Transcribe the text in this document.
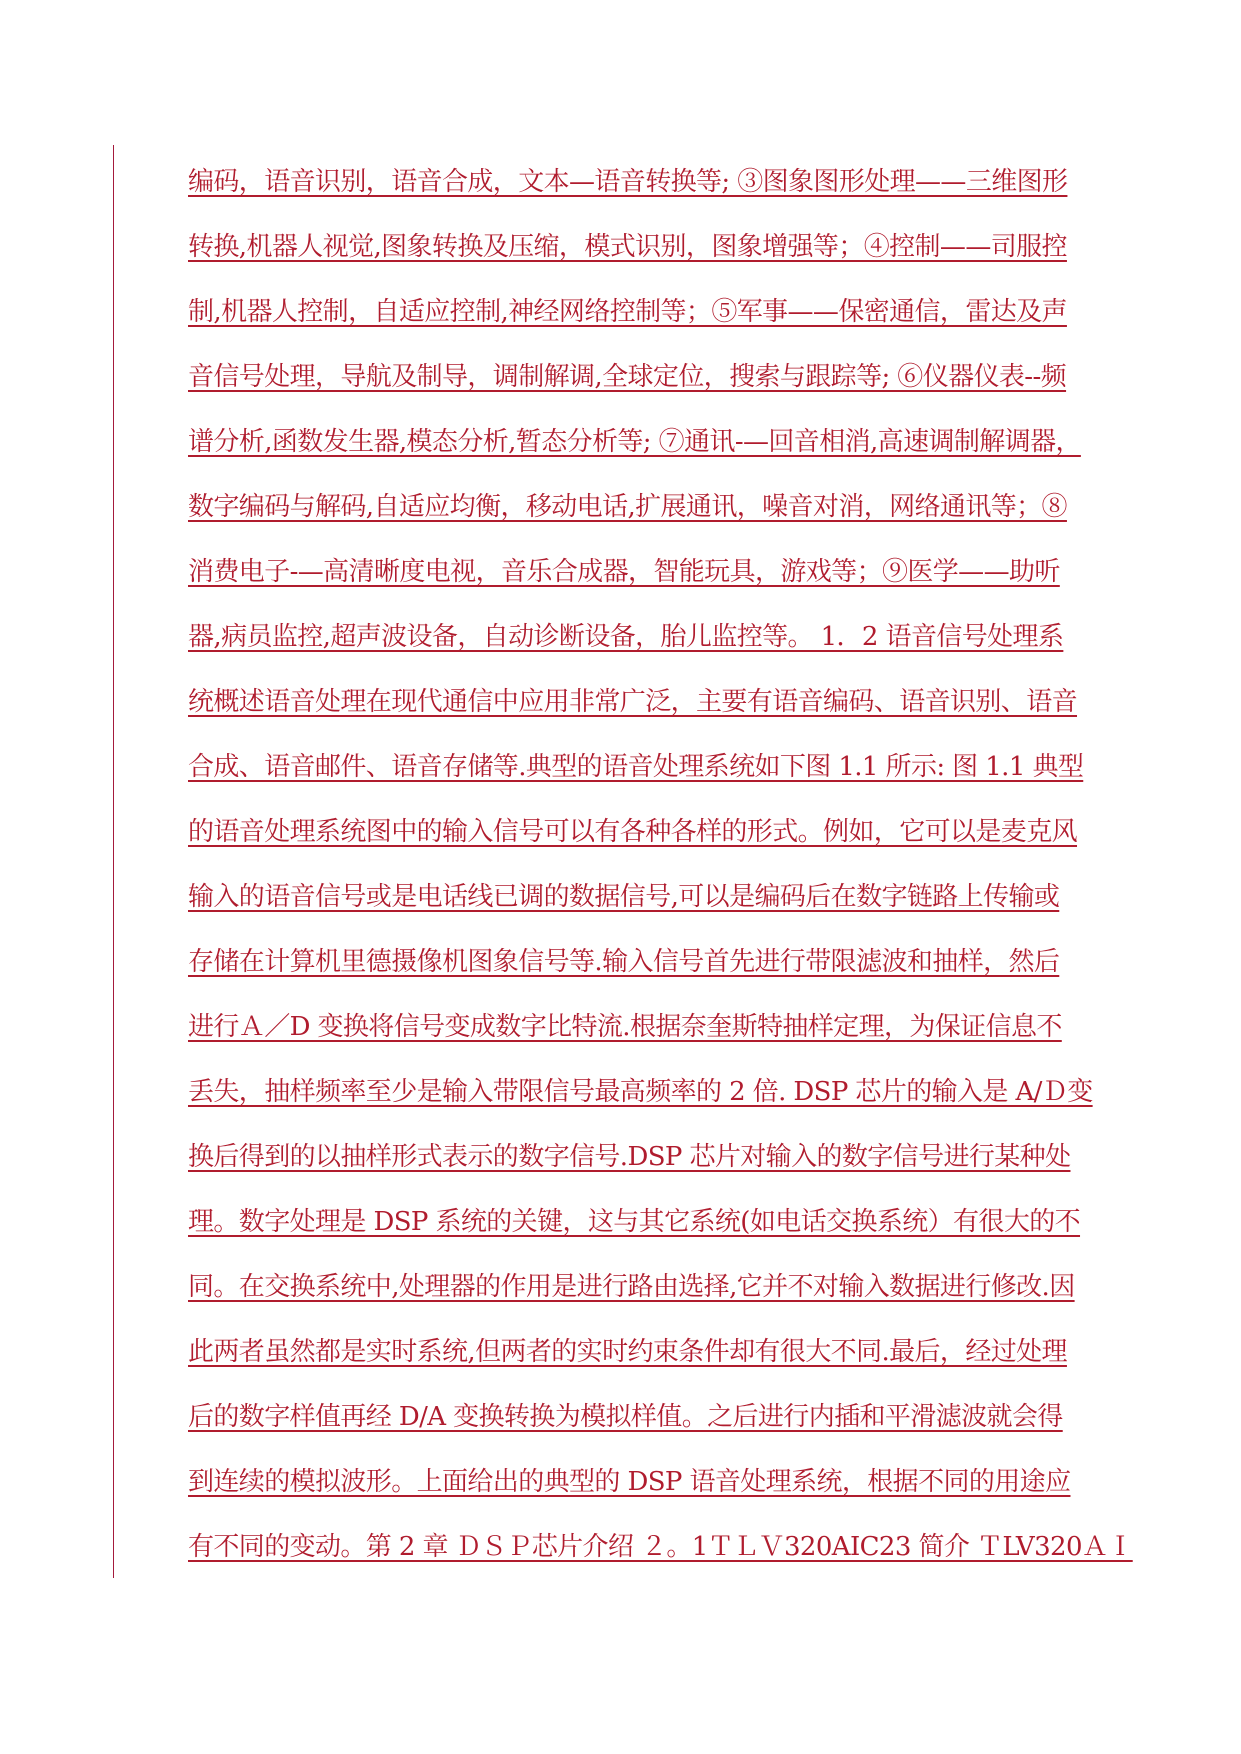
编码，语音识别，语音合成，文本—语音转换等; ③图象图形处理——三维图形

转换,机器人视觉,图象转换及压缩，模式识别，图象增强等；④控制——司服控

制,机器人控制，自适应控制,神经网络控制等；⑤军事——保密通信，雷达及声

音信号处理，导航及制导，调制解调,全球定位，搜索与跟踪等; ⑥仪器仪表--频

谱分析,函数发生器,模态分析,暂态分析等; ⑦通讯-—回音相消,高速调制解调器，

数字编码与解码,自适应均衡，移动电话,扩展通讯，噪音对消，网络通讯等；⑧

消费电子-—高清晰度电视，音乐合成器，智能玩具，游戏等；⑨医学——助听

器,病员监控,超声波设备，自动诊断设备，胎儿监控等。 1．2 语音信号处理系

统概述语音处理在现代通信中应用非常广泛，主要有语音编码、语音识别、语音

合成、语音邮件、语音存储等.典型的语音处理系统如下图 1.1 所示: 图 1.1 典型

的语音处理系统图中的输入信号可以有各种各样的形式。例如，它可以是麦克风

输入的语音信号或是电话线已调的数据信号,可以是编码后在数字链路上传输或

存储在计算机里德摄像机图象信号等.输入信号首先进行带限滤波和抽样，然后

进行Ａ／D 变换将信号变成数字比特流.根据奈奎斯特抽样定理，为保证信息不

丢失，抽样频率至少是输入带限信号最高频率的 2 倍. DSP 芯片的输入是 A/Ｄ变

换后得到的以抽样形式表示的数字信号.DSP 芯片对输入的数字信号进行某种处

理。数字处理是 DSP 系统的关键，这与其它系统(如电话交换系统）有很大的不

同。在交换系统中,处理器的作用是进行路由选择,它并不对输入数据进行修改.因

此两者虽然都是实时系统,但两者的实时约束条件却有很大不同.最后，经过处理

后的数字样值再经 D/A 变换转换为模拟样值。之后进行内插和平滑滤波就会得

到连续的模拟波形。上面给出的典型的 DSP 语音处理系统，根据不同的用途应

有不同的变动。第 2 章 ＤＳＰ芯片介绍 ２。1ＴＬＶ320AIC23 简介 ＴLV320ＡＩ
